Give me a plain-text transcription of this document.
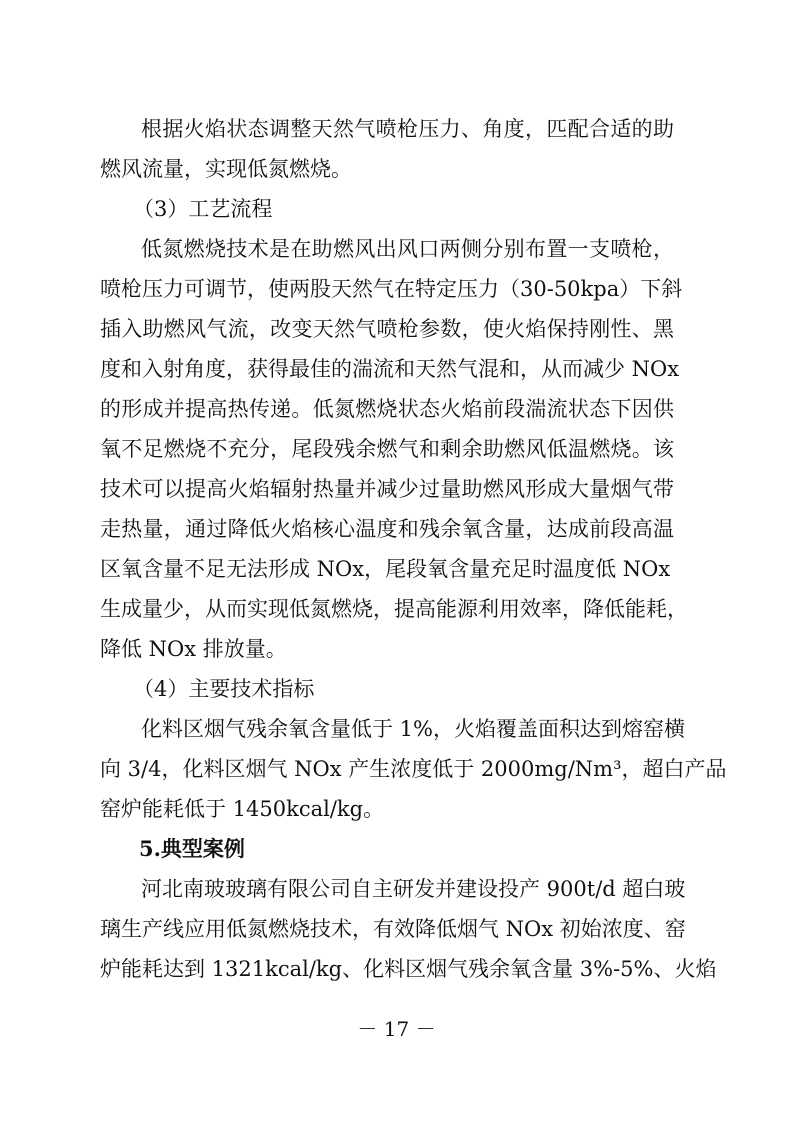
根据火焰状态调整天然气喷枪压力、角度，匹配合适的助
燃风流量，实现低氮燃烧。
（3）工艺流程
低氮燃烧技术是在助燃风出风口两侧分别布置一支喷枪，
喷枪压力可调节，使两股天然气在特定压力（30-50kpa）下斜
插入助燃风气流，改变天然气喷枪参数，使火焰保持刚性、黑
度和入射角度，获得最佳的湍流和天然气混和，从而减少 NOx
的形成并提高热传递。低氮燃烧状态火焰前段湍流状态下因供
氧不足燃烧不充分，尾段残余燃气和剩余助燃风低温燃烧。该
技术可以提高火焰辐射热量并减少过量助燃风形成大量烟气带
走热量，通过降低火焰核心温度和残余氧含量，达成前段高温
区氧含量不足无法形成 NOx，尾段氧含量充足时温度低 NOx
生成量少，从而实现低氮燃烧，提高能源利用效率，降低能耗，
降低 NOx 排放量。
（4）主要技术指标
化料区烟气残余氧含量低于 1%，火焰覆盖面积达到熔窑横
向 3/4，化料区烟气 NOx 产生浓度低于 2000mg/Nm³，超白产品
窑炉能耗低于 1450kcal/kg。
5.典型案例
河北南玻玻璃有限公司自主研发并建设投产 900t/d 超白玻
璃生产线应用低氮燃烧技术，有效降低烟气 NOx 初始浓度、窑
炉能耗达到 1321kcal/kg、化料区烟气残余氧含量 3%-5%、火焰
－ 17 －
